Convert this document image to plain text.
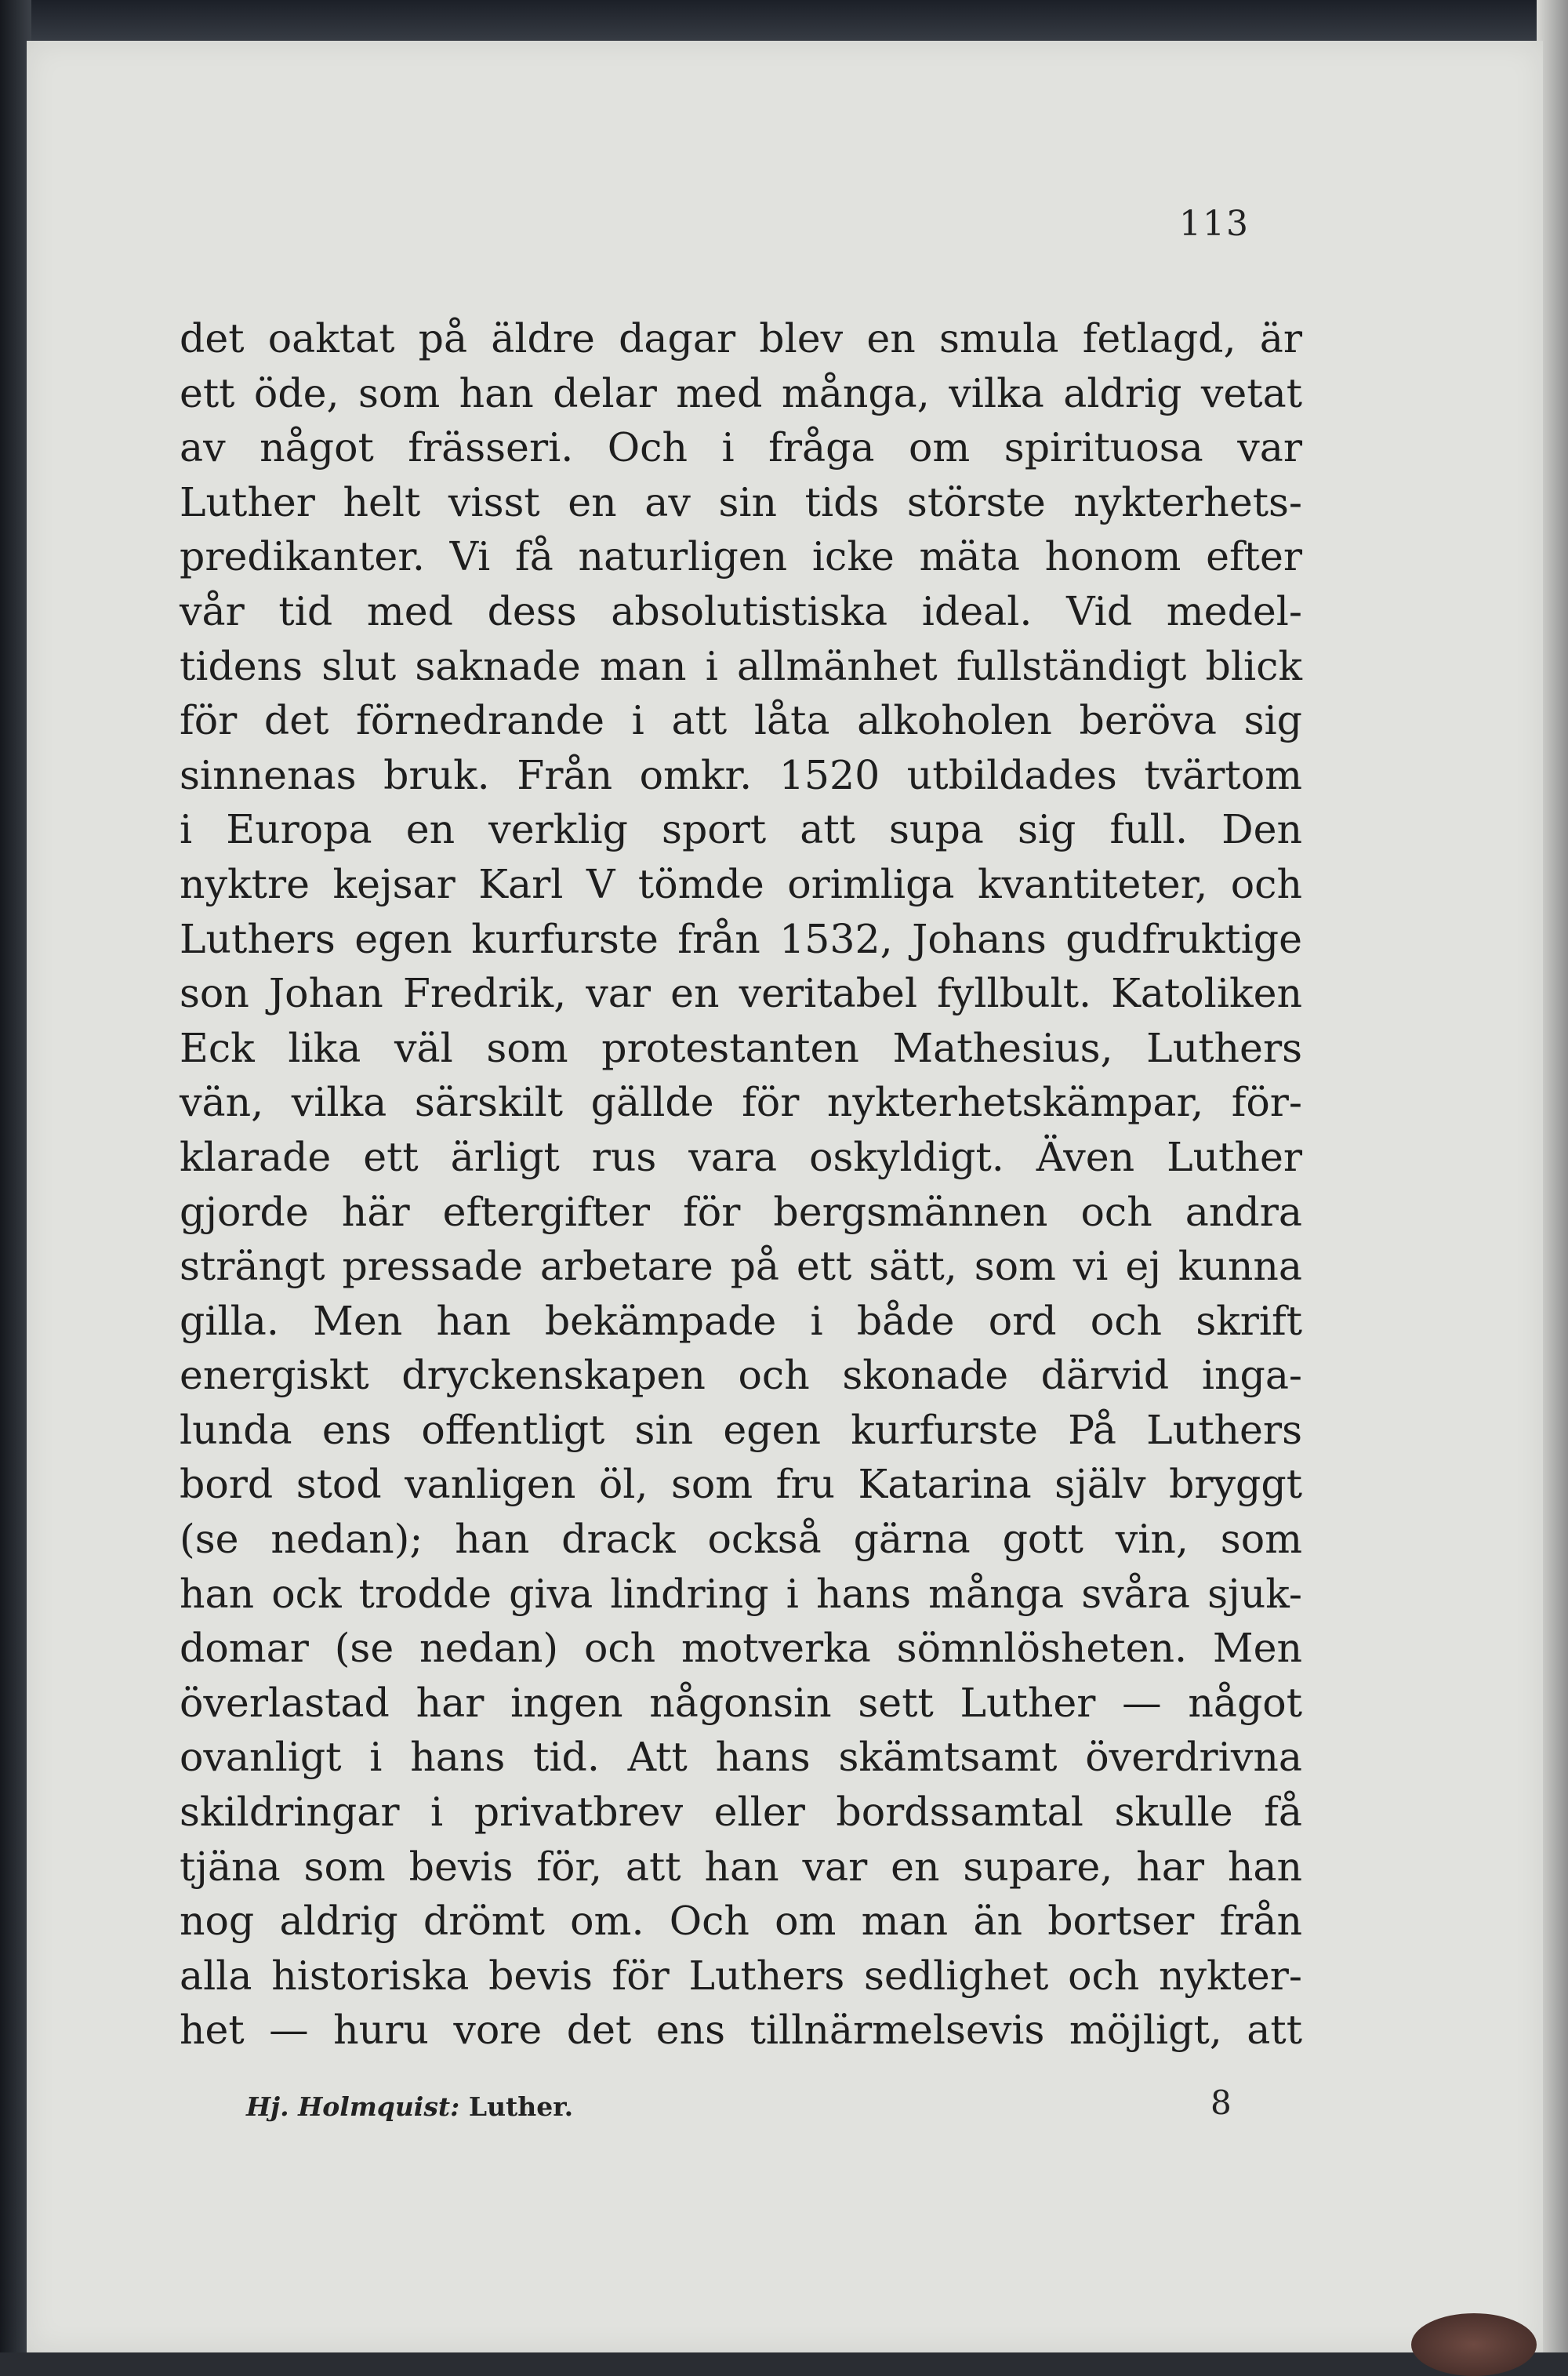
113
det oaktat på äldre dagar blev en smula fetlagd, är
ett öde, som han delar med många, vilka aldrig vetat
av något frässeri. Och i fråga om spirituosa var
Luther helt visst en av sin tids störste nykterhets-
predikanter. Vi få naturligen icke mäta honom efter
vår tid med dess absolutistiska ideal. Vid medel-
tidens slut saknade man i allmänhet fullständigt blick
för det förnedrande i att låta alkoholen beröva sig
sinnenas bruk. Från omkr. 1520 utbildades tvärtom
i Europa en verklig sport att supa sig full. Den
nyktre kejsar Karl V tömde orimliga kvantiteter, och
Luthers egen kurfurste från 1532, Johans gudfruktige
son Johan Fredrik, var en veritabel fyllbult. Katoliken
Eck lika väl som protestanten Mathesius, Luthers
vän, vilka särskilt gällde för nykterhetskämpar, för-
klarade ett ärligt rus vara oskyldigt. Även Luther
gjorde här eftergifter för bergsmännen och andra
strängt pressade arbetare på ett sätt, som vi ej kunna
gilla. Men han bekämpade i både ord och skrift
energiskt dryckenskapen och skonade därvid inga-
lunda ens offentligt sin egen kurfurste På Luthers
bord stod vanligen öl, som fru Katarina själv bryggt
(se nedan); han drack också gärna gott vin, som
han ock trodde giva lindring i hans många svåra sjuk-
domar (se nedan) och motverka sömnlösheten. Men
överlastad har ingen någonsin sett Luther — något
ovanligt i hans tid. Att hans skämtsamt överdrivna
skildringar i privatbrev eller bordssamtal skulle få
tjäna som bevis för, att han var en supare, har han
nog aldrig drömt om. Och om man än bortser från
alla historiska bevis för Luthers sedlighet och nykter-
het — huru vore det ens tillnärmelsevis möjligt, att
Hj. Holmquist: Luther.	8
